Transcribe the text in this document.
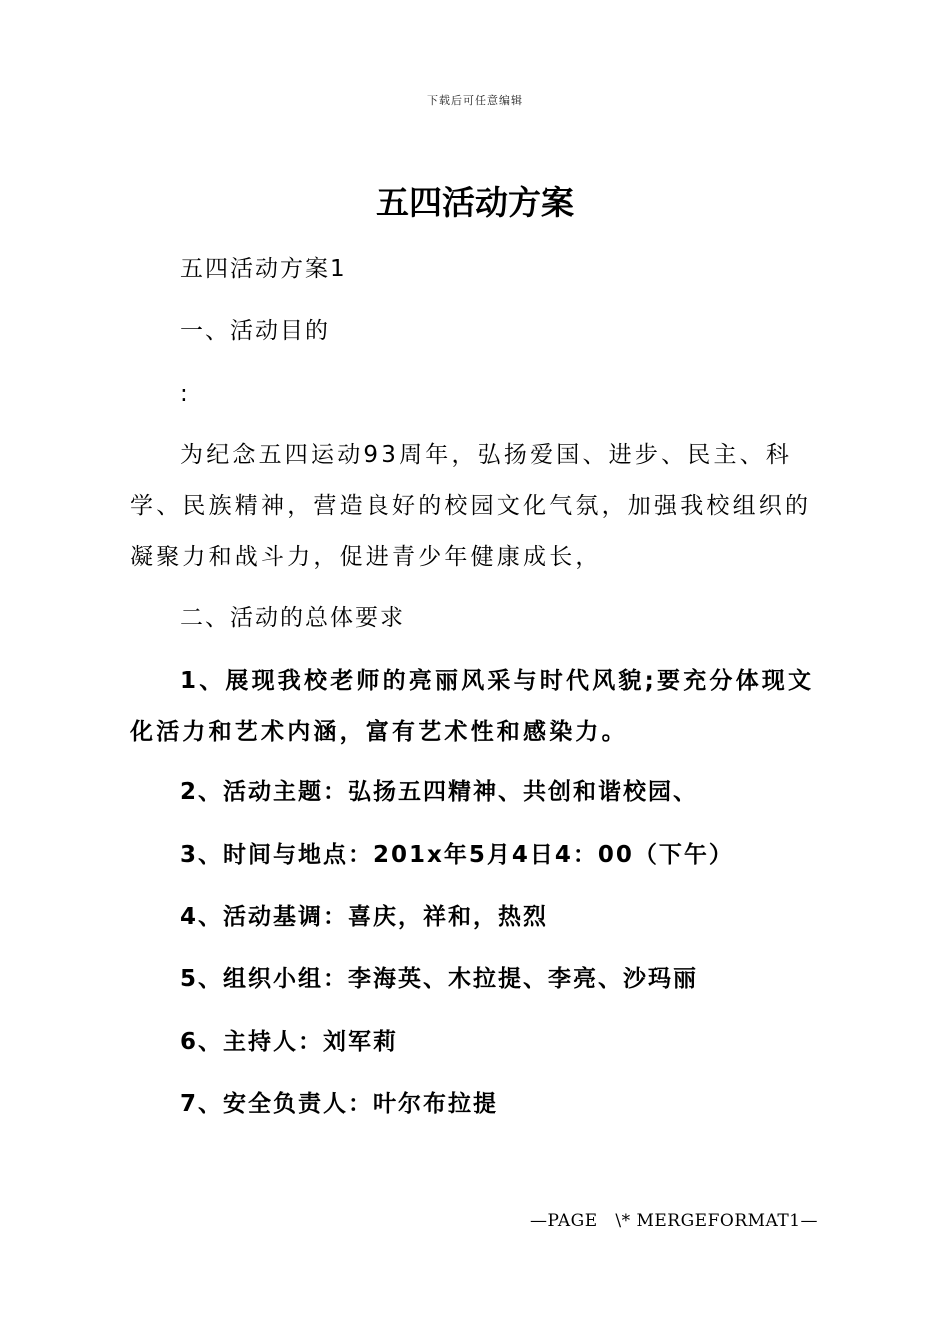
下载后可任意编辑
五四活动方案
五四活动方案1
一、活动目的
:
为纪念五四运动93周年，弘扬爱国、进步、民主、科学、民族精神，营造良好的校园文化气氛，加强我校组织的凝聚力和战斗力，促进青少年健康成长，
二、活动的总体要求
1、展现我校老师的亮丽风采与时代风貌;要充分体现文化活力和艺术内涵，富有艺术性和感染力。
2、活动主题：弘扬五四精神、共创和谐校园、
3、时间与地点：201x年5月4日4：00（下午）
4、活动基调：喜庆，祥和，热烈
5、组织小组：李海英、木拉提、李亮、沙玛丽
6、主持人：刘军莉
7、安全负责人：叶尔布拉提
—PAGE   \* MERGEFORMAT1—
